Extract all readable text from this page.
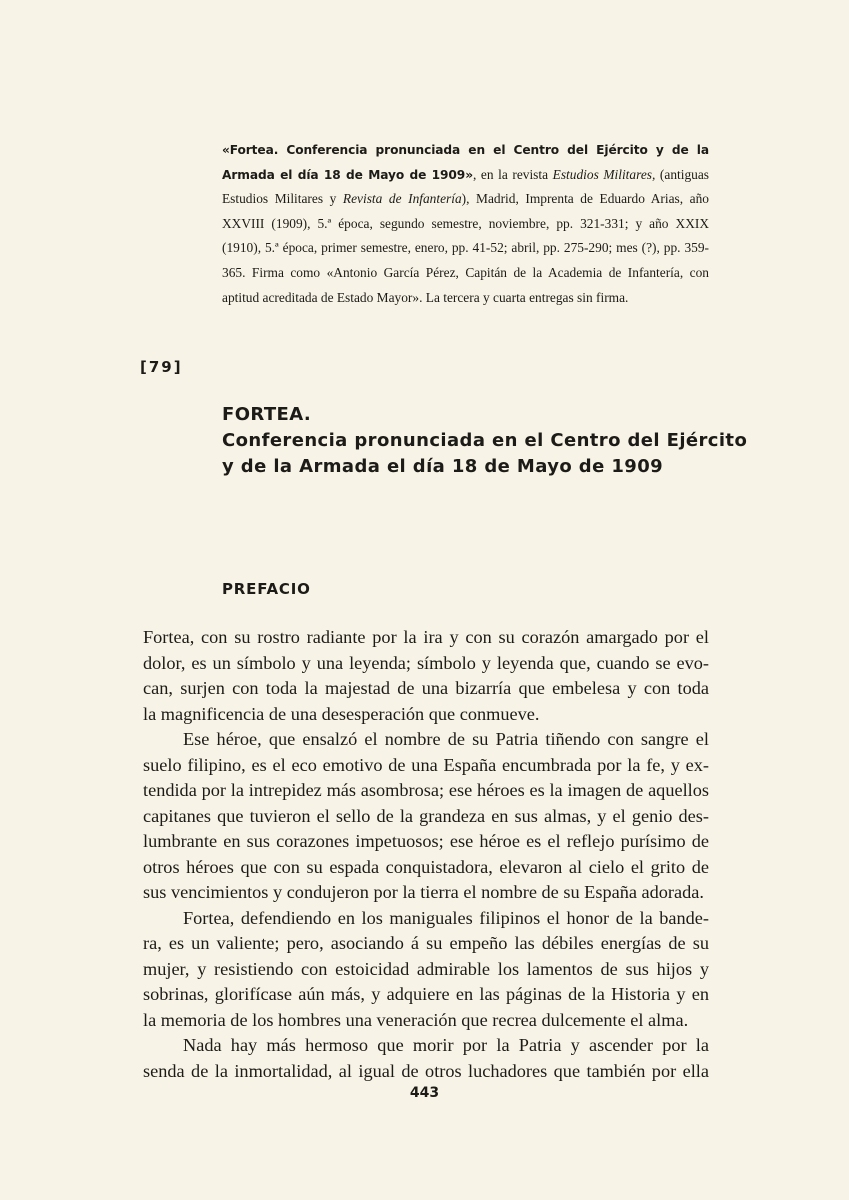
«Fortea. Conferencia pronunciada en el Centro del Ejército y de la Armada el día 18 de Mayo de 1909», en la revista Estudios Militares, (antiguas Estudios Militares y Revista de Infantería), Madrid, Imprenta de Eduardo Arias, año XXVIII (1909), 5.ª época, segundo semestre, noviembre, pp. 321-331; y año XXIX (1910), 5.ª época, primer semestre, enero, pp. 41-52; abril, pp. 275-290; mes (?), pp. 359-365. Firma como «Antonio García Pérez, Capitán de la Academia de Infantería, con aptitud acreditada de Estado Mayor». La tercera y cuarta entregas sin firma.
[79]
FORTEA.
Conferencia pronunciada en el Centro del Ejército
y de la Armada el día 18 de Mayo de 1909
PREFACIO
Fortea, con su rostro radiante por la ira y con su corazón amargado por el
dolor, es un símbolo y una leyenda; símbolo y leyenda que, cuando se evo-
can, surjen con toda la majestad de una bizarría que embelesa y con toda
la magnificencia de una desesperación que conmueve.
Ese héroe, que ensalzó el nombre de su Patria tiñendo con sangre el
suelo filipino, es el eco emotivo de una España encumbrada por la fe, y ex-
tendida por la intrepidez más asombrosa; ese héroes es la imagen de aquellos
capitanes que tuvieron el sello de la grandeza en sus almas, y el genio des-
lumbrante en sus corazones impetuosos; ese héroe es el reflejo purísimo de
otros héroes que con su espada conquistadora, elevaron al cielo el grito de
sus vencimientos y condujeron por la tierra el nombre de su España adorada.
Fortea, defendiendo en los maniguales filipinos el honor de la bande-
ra, es un valiente; pero, asociando á su empeño las débiles energías de su
mujer, y resistiendo con estoicidad admirable los lamentos de sus hijos y
sobrinas, glorifícase aún más, y adquiere en las páginas de la Historia y en
la memoria de los hombres una veneración que recrea dulcemente el alma.
Nada hay más hermoso que morir por la Patria y ascender por la
senda de la inmortalidad, al igual de otros luchadores que también por ella
443
